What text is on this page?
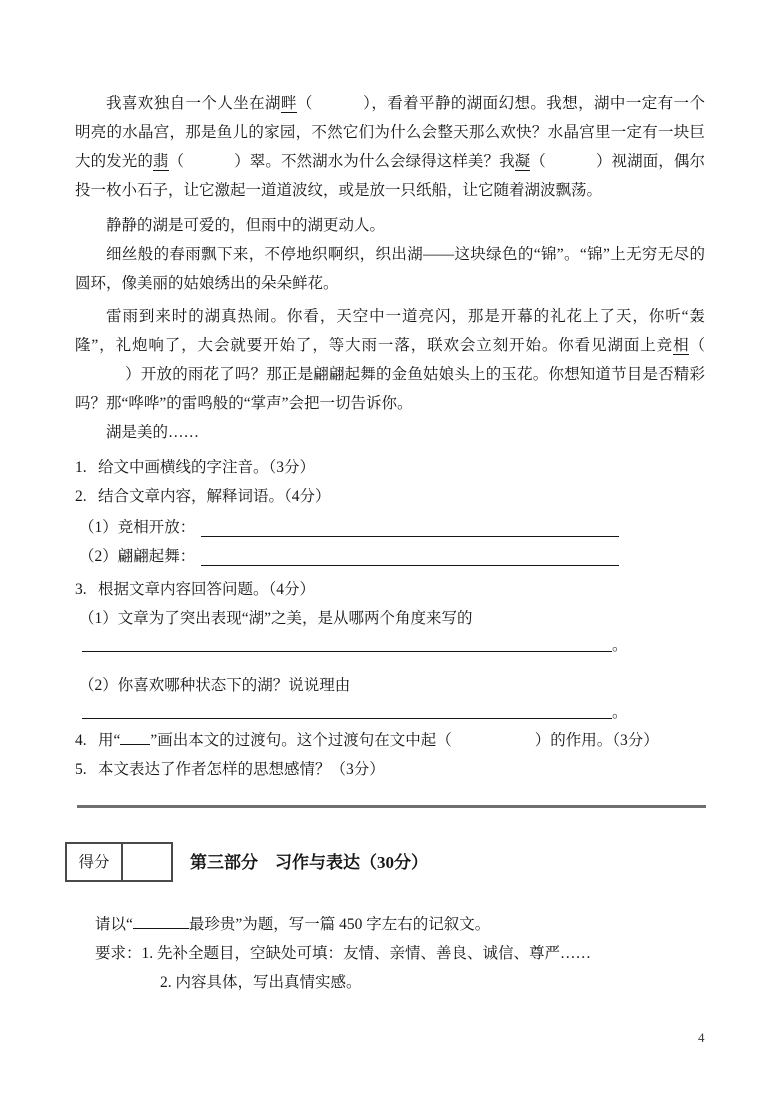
我喜欢独自一个人坐在湖畔（	），看着平静的湖面幻想。我想，湖中一定有一个明亮的水晶宫，那是鱼儿的家园，不然它们为什么会整天那么欢快？水晶宫里一定有一块巨大的发光的翡（	）翠。不然湖水为什么会绿得这样美？我凝（	）视湖面，偶尔投一枚小石子，让它激起一道道波纹，或是放一只纸船，让它随着湖波飘荡。

静静的湖是可爱的，但雨中的湖更动人。

细丝般的春雨飘下来，不停地织啊织，织出湖——这块绿色的“锦”。“锦”上无穷无尽的圆环，像美丽的姑娘绣出的朵朵鲜花。

雷雨到来时的湖真热闹。你看，天空中一道亮闪，那是开幕的礼花上了天，你听“轰隆”，礼炮响了，大会就要开始了，等大雨一落，联欢会立刻开始。你看见湖面上竞相（）开放的雨花了吗？那正是翩翩起舞的金鱼姑娘头上的玉花。你想知道节目是否精彩吗？那“哗哗”的雷鸣般的“掌声”会把一切告诉你。

湖是美的……

1. 给文中画横线的字注音。（3分）
2. 结合文章内容，解释词语。（4分）
（1）竞相开放：
（2）翩翩起舞：
3. 根据文章内容回答问题。（4分）
（1）文章为了突出表现“湖”之美，是从哪两个角度来写的
。
（2）你喜欢哪种状态下的湖？说说理由
。
4. 用“ ”画出本文的过渡句。这个过渡句在文中起（	）的作用。（3分）
5. 本文表达了作者怎样的思想感情？（3分）
得分	第三部分　习作与表达（30分）

请以“	最珍贵”为题，写一篇 450 字左右的记叙文。

要求：1. 先补全题目，空缺处可填：友情、亲情、善良、诚信、尊严……

2. 内容具体，写出真情实感。

4
